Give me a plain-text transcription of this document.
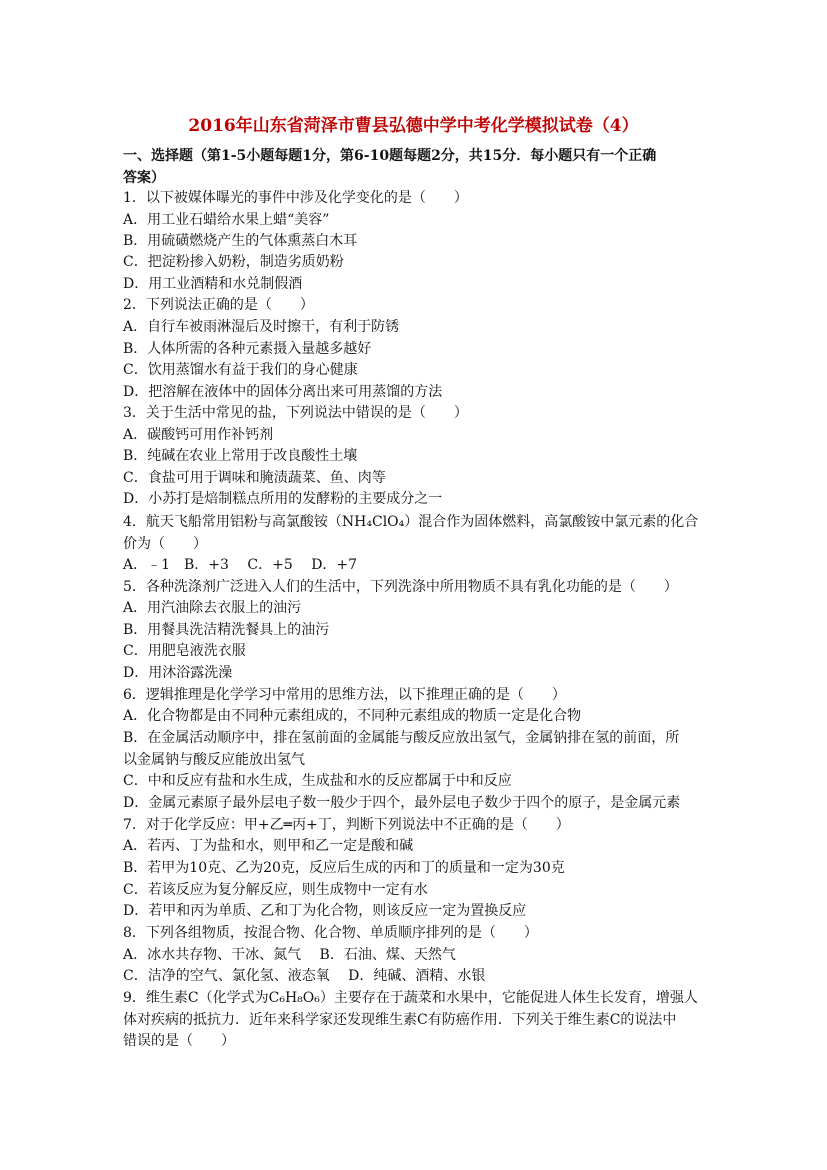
2016年山东省菏泽市曹县弘德中学中考化学模拟试卷（4）
一、选择题（第1-5小题每题1分，第6-10题每题2分，共15分．每小题只有一个正确
答案）
1．以下被媒体曝光的事件中涉及化学变化的是（　　）
A．用工业石蜡给水果上蜡“美容”
B．用硫磺燃烧产生的气体熏蒸白木耳
C．把淀粉掺入奶粉，制造劣质奶粉
D．用工业酒精和水兑制假酒
2．下列说法正确的是（　　）
A．自行车被雨淋湿后及时擦干，有利于防锈
B．人体所需的各种元素摄入量越多越好
C．饮用蒸馏水有益于我们的身心健康
D．把溶解在液体中的固体分离出来可用蒸馏的方法
3．关于生活中常见的盐，下列说法中错误的是（　　）
A．碳酸钙可用作补钙剂
B．纯碱在农业上常用于改良酸性土壤
C．食盐可用于调味和腌渍蔬菜、鱼、肉等
D．小苏打是焙制糕点所用的发酵粉的主要成分之一
4．航天飞船常用铝粉与高氯酸铵（NH₄ClO₄）混合作为固体燃料，高氯酸铵中氯元素的化合
价为（　　）
A．﹣1　B．+3　 C．+5　 D．+7
5．各种洗涤剂广泛进入人们的生活中，下列洗涤中所用物质不具有乳化功能的是（　　）
A．用汽油除去衣服上的油污
B．用餐具洗洁精洗餐具上的油污
C．用肥皂液洗衣服
D．用沐浴露洗澡
6．逻辑推理是化学学习中常用的思维方法，以下推理正确的是（　　）
A．化合物都是由不同种元素组成的，不同种元素组成的物质一定是化合物
B．在金属活动顺序中，排在氢前面的金属能与酸反应放出氢气，金属钠排在氢的前面，所
以金属钠与酸反应能放出氢气
C．中和反应有盐和水生成，生成盐和水的反应都属于中和反应
D．金属元素原子最外层电子数一般少于四个，最外层电子数少于四个的原子，是金属元素
7．对于化学反应：甲+乙═丙+丁，判断下列说法中不正确的是（　　）
A．若丙、丁为盐和水，则甲和乙一定是酸和碱
B．若甲为10克、乙为20克，反应后生成的丙和丁的质量和一定为30克
C．若该反应为复分解反应，则生成物中一定有水
D．若甲和丙为单质、乙和丁为化合物，则该反应一定为置换反应
8．下列各组物质，按混合物、化合物、单质顺序排列的是（　　）
A．冰水共存物、干冰、氮气　 B．石油、煤、天然气
C．洁净的空气、氯化氢、液态氧　 D．纯碱、酒精、水银
9．维生素C（化学式为C₆H₈O₆）主要存在于蔬菜和水果中，它能促进人体生长发育，增强人
体对疾病的抵抗力．近年来科学家还发现维生素C有防癌作用．下列关于维生素C的说法中
错误的是（　　）
